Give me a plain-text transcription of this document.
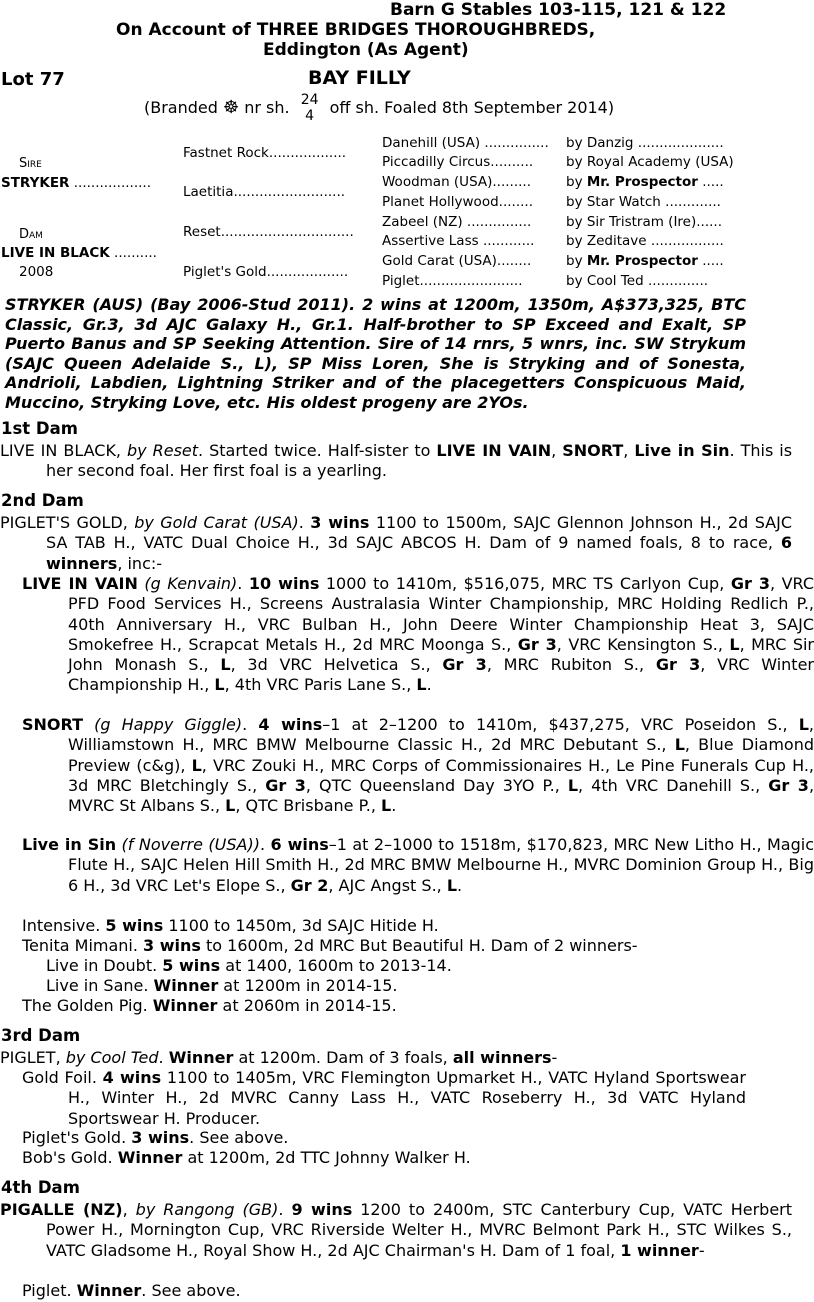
Barn G Stables 103-115, 121 & 122
On Account of THREE BRIDGES THOROUGHBREDS,
Eddington (As Agent)
Lot 77	BAY FILLY
(Branded ☸ nr sh. 24
4 off sh. Foaled 8th September 2014)
Sire
STRYKER ..................
Dam
LIVE IN BLACK ..........
2008
Fastnet Rock..................
Laetitia..........................
Reset...............................
Piglet's Gold...................
Danehill (USA) ...............
Piccadilly Circus..........
Woodman (USA).........
Planet Hollywood........
Zabeel (NZ) ...............
Assertive Lass ............
Gold Carat (USA)........
Piglet........................
by Danzig ....................
by Royal Academy (USA)
by Mr. Prospector .....
by Star Watch .............
by Sir Tristram (Ire)......
by Zeditave .................
by Mr. Prospector .....
by Cool Ted ..............
STRYKER (AUS) (Bay 2006-Stud 2011). 2 wins at 1200m, 1350m, A$373,325, BTC Classic, Gr.3, 3d AJC Galaxy H., Gr.1. Half-brother to SP Exceed and Exalt, SP Puerto Banus and SP Seeking Attention. Sire of 14 rnrs, 5 wnrs, inc. SW Strykum (SAJC Queen Adelaide S., L), SP Miss Loren, She is Stryking and of Sonesta, Andrioli, Labdien, Lightning Striker and of the placegetters Conspicuous Maid, Muccino, Stryking Love, etc. His oldest progeny are 2YOs.
1st Dam
LIVE IN BLACK, by Reset. Started twice. Half-sister to LIVE IN VAIN, SNORT, Live in Sin. This is her second foal. Her first foal is a yearling.
2nd Dam
PIGLET'S GOLD, by Gold Carat (USA). 3 wins 1100 to 1500m, SAJC Glennon Johnson H., 2d SAJC SA TAB H., VATC Dual Choice H., 3d SAJC ABCOS H. Dam of 9 named foals, 8 to race, 6 winners, inc:-
LIVE IN VAIN (g Kenvain). 10 wins 1000 to 1410m, $516,075, MRC TS Carlyon Cup, Gr 3, VRC PFD Food Services H., Screens Australasia Winter Championship, MRC Holding Redlich P., 40th Anniversary H., VRC Bulban H., John Deere Winter Championship Heat 3, SAJC Smokefree H., Scrapcat Metals H., 2d MRC Moonga S., Gr 3, VRC Kensington S., L, MRC Sir John Monash S., L, 3d VRC Helvetica S., Gr 3, MRC Rubiton S., Gr 3, VRC Winter Championship H., L, 4th VRC Paris Lane S., L.
SNORT (g Happy Giggle). 4 wins–1 at 2–1200 to 1410m, $437,275, VRC Poseidon S., L, Williamstown H., MRC BMW Melbourne Classic H., 2d MRC Debutant S., L, Blue Diamond Preview (c&g), L, VRC Zouki H., MRC Corps of Commissionaires H., Le Pine Funerals Cup H., 3d MRC Bletchingly S., Gr 3, QTC Queensland Day 3YO P., L, 4th VRC Danehill S., Gr 3, MVRC St Albans S., L, QTC Brisbane P., L.
Live in Sin (f Noverre (USA)). 6 wins–1 at 2–1000 to 1518m, $170,823, MRC New Litho H., Magic Flute H., SAJC Helen Hill Smith H., 2d MRC BMW Melbourne H., MVRC Dominion Group H., Big 6 H., 3d VRC Let's Elope S., Gr 2, AJC Angst S., L.
Intensive. 5 wins 1100 to 1450m, 3d SAJC Hitide H.
Tenita Mimani. 3 wins to 1600m, 2d MRC But Beautiful H. Dam of 2 winners-
Live in Doubt. 5 wins at 1400, 1600m to 2013-14.
Live in Sane. Winner at 1200m in 2014-15.
The Golden Pig. Winner at 2060m in 2014-15.
3rd Dam
PIGLET, by Cool Ted. Winner at 1200m. Dam of 3 foals, all winners-
Gold Foil. 4 wins 1100 to 1405m, VRC Flemington Upmarket H., VATC Hyland Sportswear H., Winter H., 2d MVRC Canny Lass H., VATC Roseberry H., 3d VATC Hyland Sportswear H. Producer.
Piglet's Gold. 3 wins. See above.
Bob's Gold. Winner at 1200m, 2d TTC Johnny Walker H.
4th Dam
PIGALLE (NZ), by Rangong (GB). 9 wins 1200 to 2400m, STC Canterbury Cup, VATC Herbert Power H., Mornington Cup, VRC Riverside Welter H., MVRC Belmont Park H., STC Wilkes S., VATC Gladsome H., Royal Show H., 2d AJC Chairman's H. Dam of 1 foal, 1 winner-
Piglet. Winner. See above.
